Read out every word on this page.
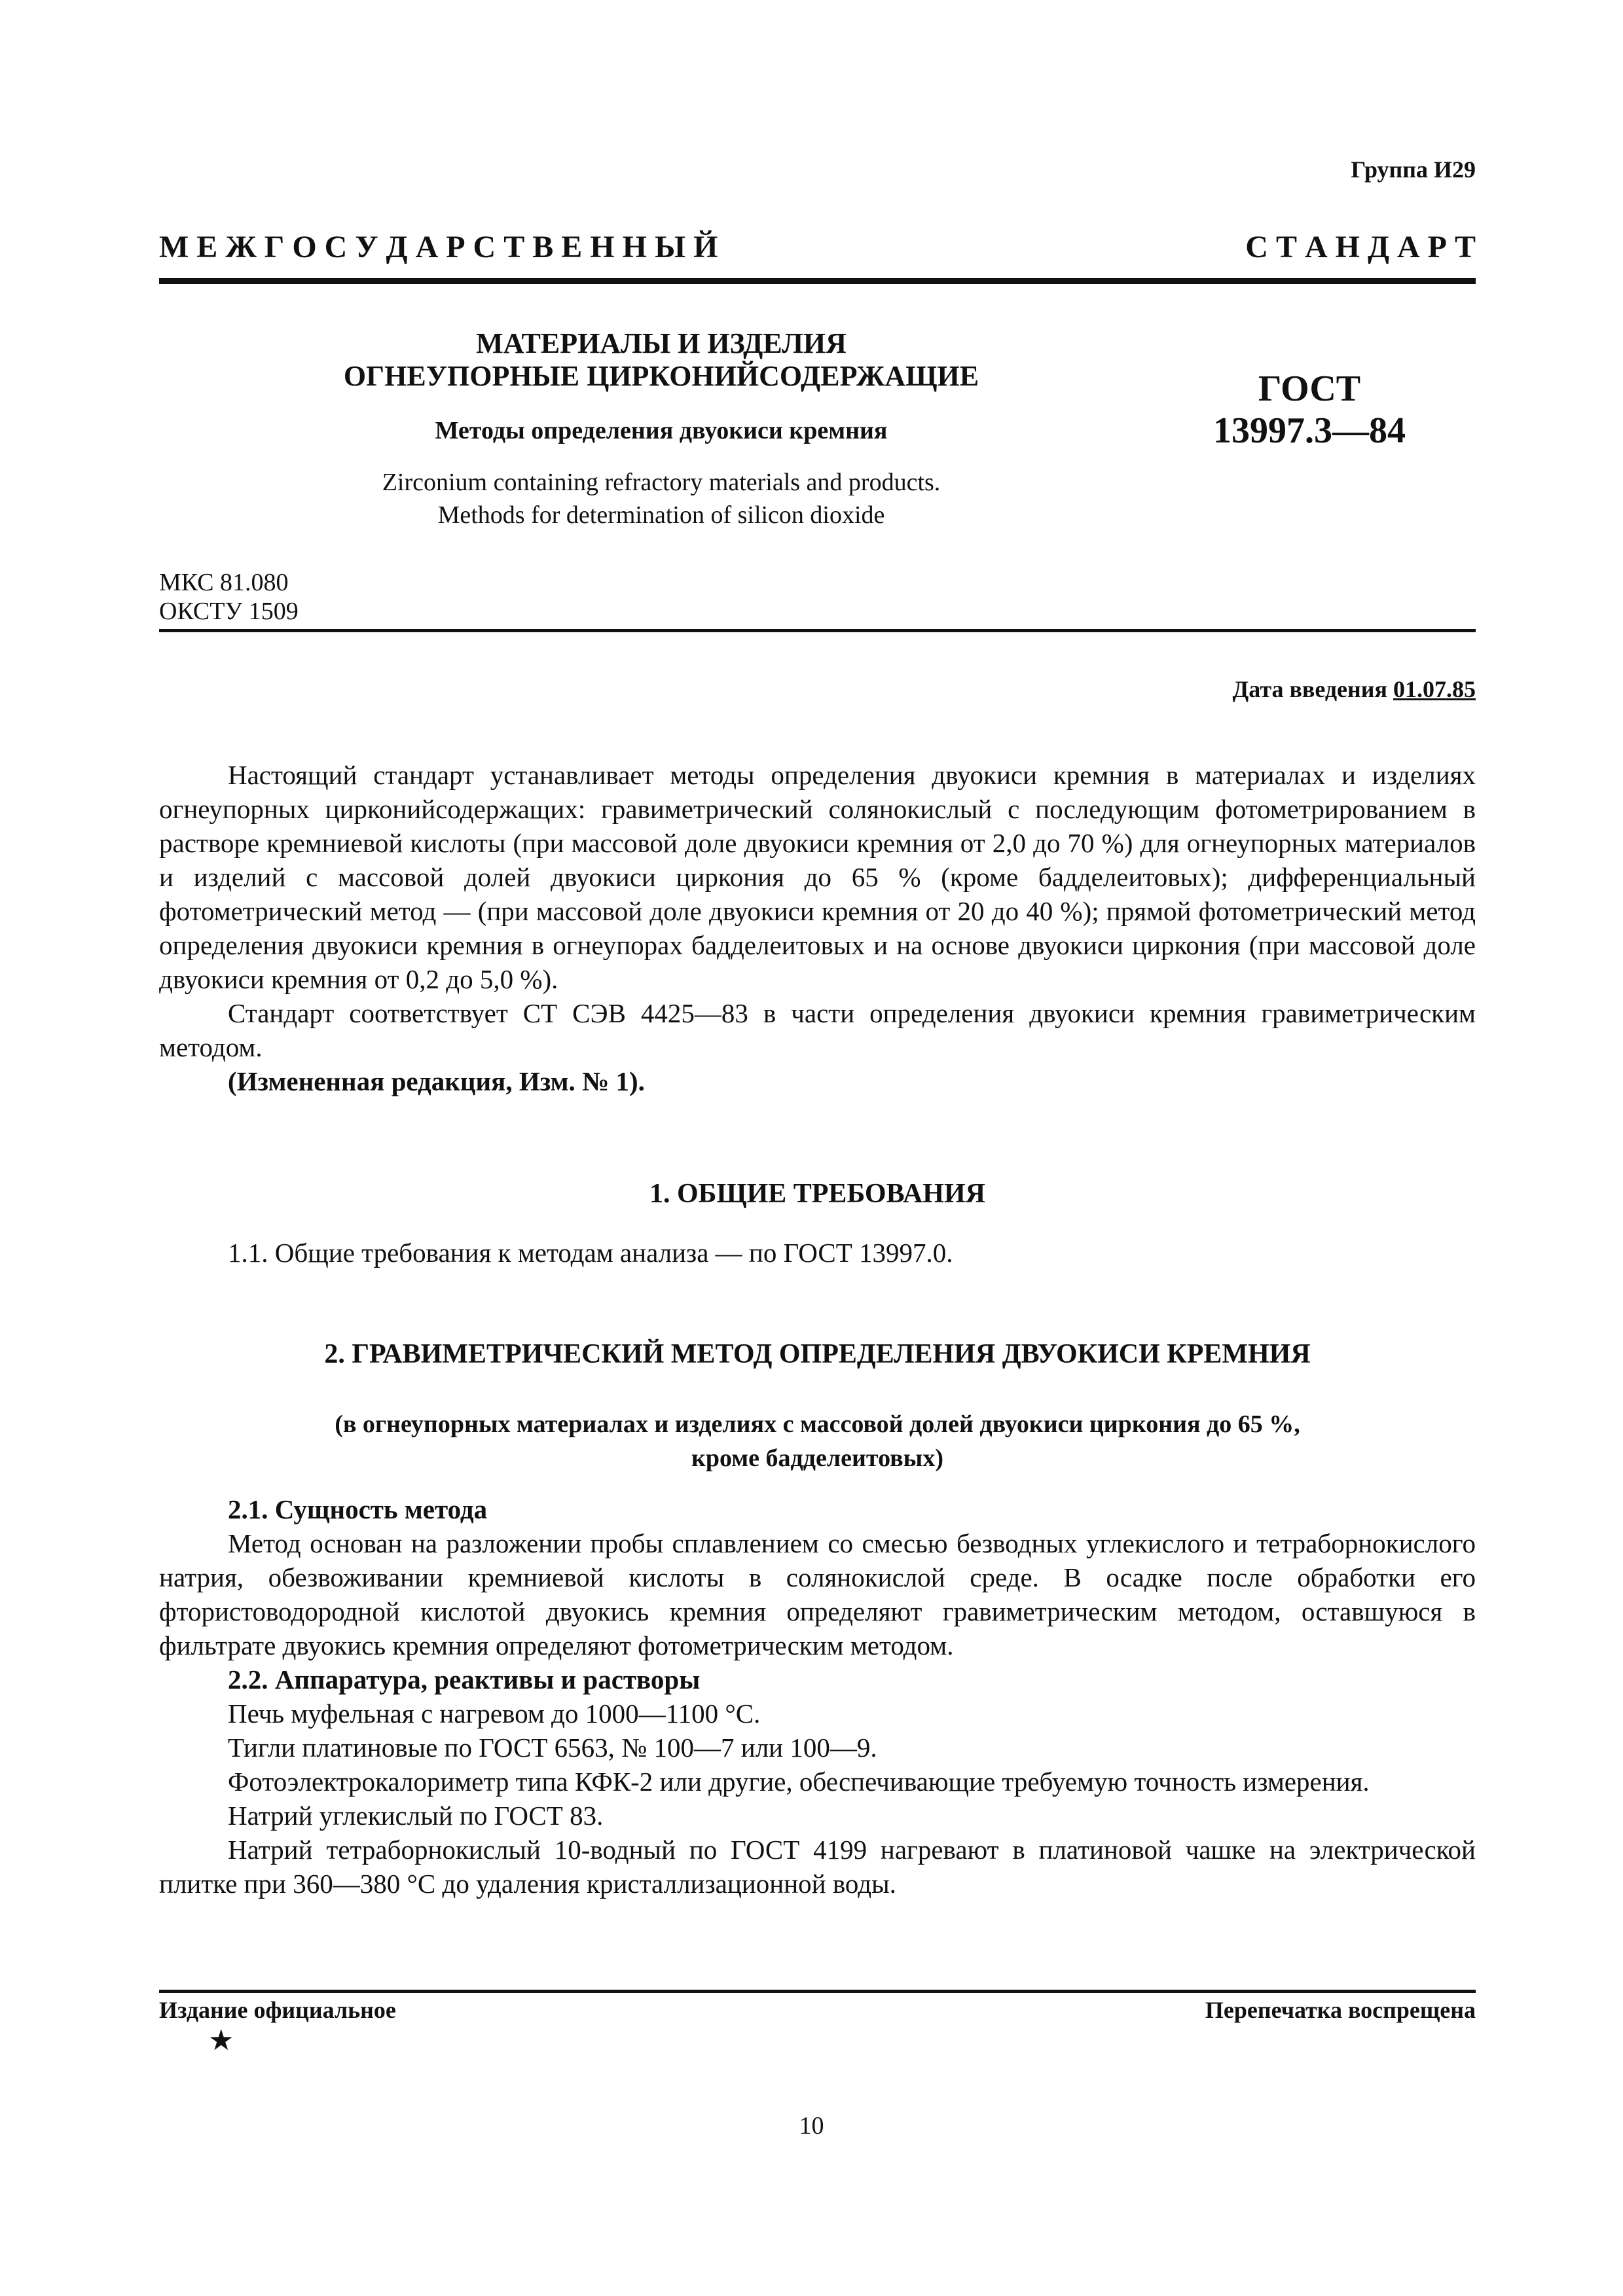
Группа И29
М Е Ж Г О С У Д А Р С Т В Е Н Н Ы Й	С Т А Н Д А Р Т
МАТЕРИАЛЫ И ИЗДЕЛИЯ
ОГНЕУПОРНЫЕ ЦИРКОНИЙСОДЕРЖАЩИЕ
Методы определения двуокиси кремния
Zirconium containing refractory materials and products.
Methods for determination of silicon dioxide
ГОСТ
13997.3—84
МКС 81.080
ОКСТУ 1509
Дата введения 01.07.85

Настоящий стандарт устанавливает методы определения двуокиси кремния в материалах и изделиях огнеупорных цирконийсодержащих: гравиметрический солянокислый с последующим фотометрированием в растворе кремниевой кислоты (при массовой доле двуокиси кремния от 2,0 до 70 %) для огнеупорных материалов и изделий с массовой долей двуокиси циркония до 65 % (кроме бадделеитовых); дифференциальный фотометрический метод — (при массовой доле двуокиси кремния от 20 до 40 %); прямой фотометрический метод определения двуокиси кремния в огнеупорах бадделеитовых и на основе двуокиси циркония (при массовой доле двуокиси кремния от 0,2 до 5,0 %).

Стандарт соответствует СТ СЭВ 4425—83 в части определения двуокиси кремния гравиметрическим методом.

(Измененная редакция, Изм. № 1).

1. ОБЩИЕ ТРЕБОВАНИЯ
1.1. Общие требования к методам анализа — по ГОСТ 13997.0.
2. ГРАВИМЕТРИЧЕСКИЙ МЕТОД ОПРЕДЕЛЕНИЯ ДВУОКИСИ КРЕМНИЯ
(в огнеупорных материалах и изделиях с массовой долей двуокиси циркония до 65 %,
кроме бадделеитовых)

2.1. Сущность метода

Метод основан на разложении пробы сплавлением со смесью безводных углекислого и тетраборнокислого натрия, обезвоживании кремниевой кислоты в солянокислой среде. В осадке после обработки его фтористоводородной кислотой двуокись кремния определяют гравиметрическим методом, оставшуюся в фильтрате двуокись кремния определяют фотометрическим методом.

2.2. Аппаратура, реактивы и растворы

Печь муфельная с нагревом до 1000—1100 °С.

Тигли платиновые по ГОСТ 6563, № 100—7 или 100—9.

Фотоэлектрокалориметр типа КФК-2 или другие, обеспечивающие требуемую точность измерения.

Натрий углекислый по ГОСТ 83.

Натрий тетраборнокислый 10-водный по ГОСТ 4199 нагревают в платиновой чашке на электрической плитке при 360—380 °С до удаления кристаллизационной воды.

Издание официальное	Перепечатка воспрещена
★
10
